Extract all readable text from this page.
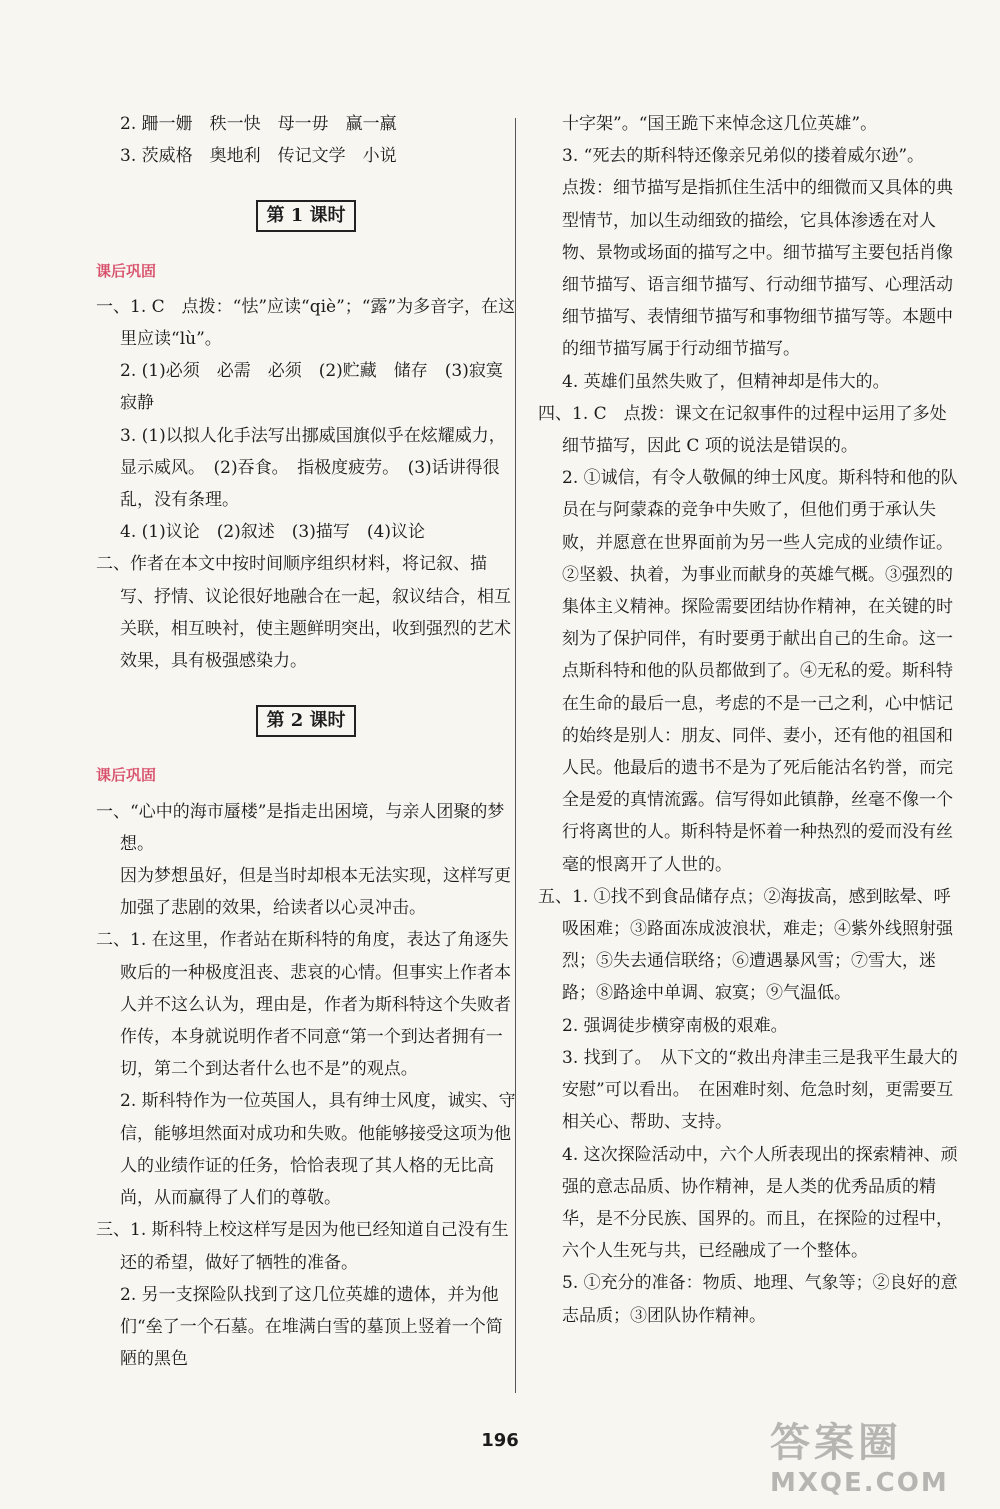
2. 跚一姗　秩一快　母一毋　赢一羸

3. 茨威格　奥地利　传记文学　小说

第 1 课时
课后巩固

一、1. C　点拨：“怯”应读“qiè”；“露”为多音字，在这里应读“lù”。

2. (1)必须　必需　必须　(2)贮藏　储存　(3)寂寞　寂静

3. (1)以拟人化手法写出挪威国旗似乎在炫耀威力，显示威风。　(2)吞食。　指极度疲劳。　(3)话讲得很乱，没有条理。

4. (1)议论　(2)叙述　(3)描写　(4)议论

二、作者在本文中按时间顺序组织材料，将记叙、描写、抒情、议论很好地融合在一起，叙议结合，相互关联，相互映衬，使主题鲜明突出，收到强烈的艺术效果，具有极强感染力。

第 2 课时
课后巩固

一、“心中的海市蜃楼”是指走出困境，与亲人团聚的梦想。

因为梦想虽好，但是当时却根本无法实现，这样写更加强了悲剧的效果，给读者以心灵冲击。

二、1. 在这里，作者站在斯科特的角度，表达了角逐失败后的一种极度沮丧、悲哀的心情。但事实上作者本人并不这么认为，理由是，作者为斯科特这个失败者作传，本身就说明作者不同意“第一个到达者拥有一切，第二个到达者什么也不是”的观点。

2. 斯科特作为一位英国人，具有绅士风度，诚实、守信，能够坦然面对成功和失败。他能够接受这项为他人的业绩作证的任务，恰恰表现了其人格的无比高尚，从而赢得了人们的尊敬。

三、1. 斯科特上校这样写是因为他已经知道自己没有生还的希望，做好了牺牲的准备。

2. 另一支探险队找到了这几位英雄的遗体，并为他们“垒了一个石墓。在堆满白雪的墓顶上竖着一个简陋的黑色

十字架”。“国王跪下来悼念这几位英雄”。

3. “死去的斯科特还像亲兄弟似的搂着威尔逊”。

点拨：细节描写是指抓住生活中的细微而又具体的典型情节，加以生动细致的描绘，它具体渗透在对人物、景物或场面的描写之中。细节描写主要包括肖像细节描写、语言细节描写、行动细节描写、心理活动细节描写、表情细节描写和事物细节描写等。本题中的细节描写属于行动细节描写。

4. 英雄们虽然失败了，但精神却是伟大的。

四、1. C　点拨：课文在记叙事件的过程中运用了多处细节描写，因此 C 项的说法是错误的。

2. ①诚信，有令人敬佩的绅士风度。斯科特和他的队员在与阿蒙森的竞争中失败了，但他们勇于承认失败，并愿意在世界面前为另一些人完成的业绩作证。②坚毅、执着，为事业而献身的英雄气概。③强烈的集体主义精神。探险需要团结协作精神，在关键的时刻为了保护同伴，有时要勇于献出自己的生命。这一点斯科特和他的队员都做到了。④无私的爱。斯科特在生命的最后一息，考虑的不是一己之利，心中惦记的始终是别人：朋友、同伴、妻小，还有他的祖国和人民。他最后的遗书不是为了死后能沽名钓誉，而完全是爱的真情流露。信写得如此镇静，丝毫不像一个行将离世的人。斯科特是怀着一种热烈的爱而没有丝毫的恨离开了人世的。

五、1. ①找不到食品储存点；②海拔高，感到眩晕、呼吸困难；③路面冻成波浪状，难走；④紫外线照射强烈；⑤失去通信联络；⑥遭遇暴风雪；⑦雪大，迷路；⑧路途中单调、寂寞；⑨气温低。

2. 强调徒步横穿南极的艰难。

3. 找到了。　从下文的“救出舟津圭三是我平生最大的安慰”可以看出。　在困难时刻、危急时刻，更需要互相关心、帮助、支持。

4. 这次探险活动中，六个人所表现出的探索精神、顽强的意志品质、协作精神，是人类的优秀品质的精华，是不分民族、国界的。而且，在探险的过程中，六个人生死与共，已经融成了一个整体。

5. ①充分的准备：物质、地理、气象等；②良好的意志品质；③团队协作精神。

196	答案圈
MXQE.COM
